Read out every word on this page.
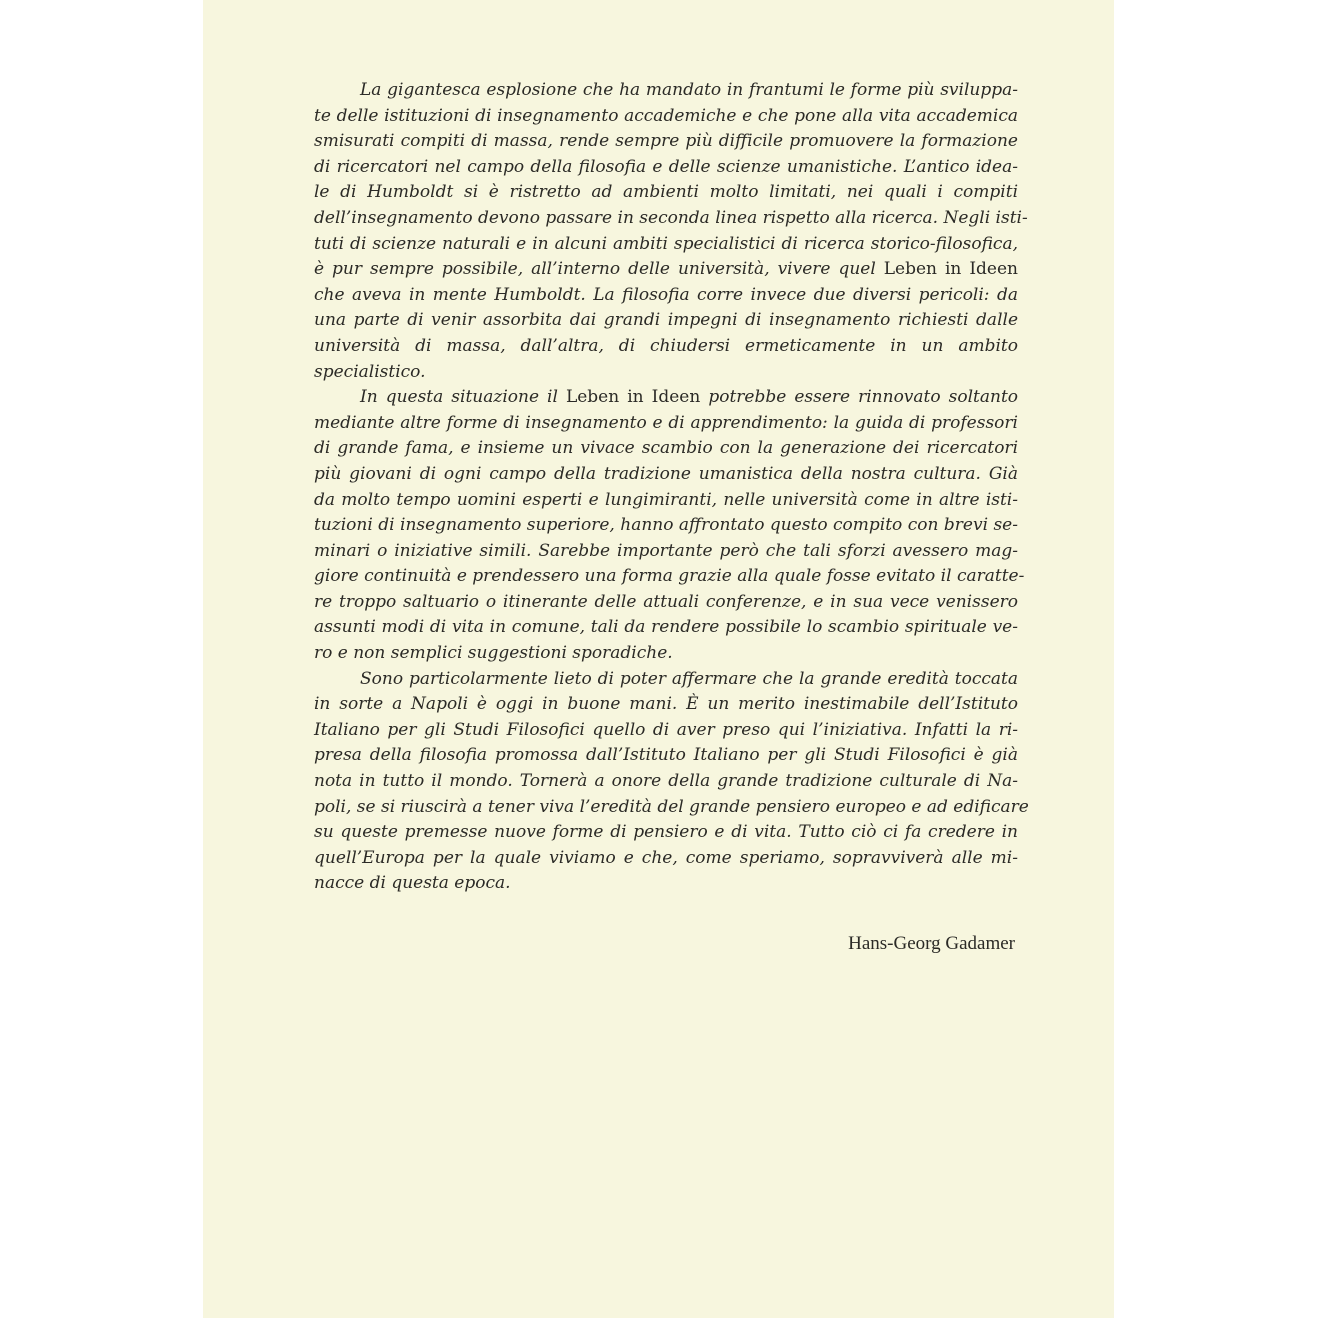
La gigantesca esplosione che ha mandato in frantumi le forme più sviluppa-
te delle istituzioni di insegnamento accademiche e che pone alla vita accademica
smisurati compiti di massa, rende sempre più difficile promuovere la formazione
di ricercatori nel campo della filosofia e delle scienze umanistiche. L’antico idea-
le di Humboldt si è ristretto ad ambienti molto limitati, nei quali i compiti
dell’insegnamento devono passare in seconda linea rispetto alla ricerca. Negli isti-
tuti di scienze naturali e in alcuni ambiti specialistici di ricerca storico-filosofica,
è pur sempre possibile, all’interno delle università, vivere quel Leben in Ideen
che aveva in mente Humboldt. La filosofia corre invece due diversi pericoli: da
una parte di venir assorbita dai grandi impegni di insegnamento richiesti dalle
università di massa, dall’altra, di chiudersi ermeticamente in un ambito
specialistico.
In questa situazione il Leben in Ideen potrebbe essere rinnovato soltanto
mediante altre forme di insegnamento e di apprendimento: la guida di professori
di grande fama, e insieme un vivace scambio con la generazione dei ricercatori
più giovani di ogni campo della tradizione umanistica della nostra cultura. Già
da molto tempo uomini esperti e lungimiranti, nelle università come in altre isti-
tuzioni di insegnamento superiore, hanno affrontato questo compito con brevi se-
minari o iniziative simili. Sarebbe importante però che tali sforzi avessero mag-
giore continuità e prendessero una forma grazie alla quale fosse evitato il caratte-
re troppo saltuario o itinerante delle attuali conferenze, e in sua vece venissero
assunti modi di vita in comune, tali da rendere possibile lo scambio spirituale ve-
ro e non semplici suggestioni sporadiche.
Sono particolarmente lieto di poter affermare che la grande eredità toccata
in sorte a Napoli è oggi in buone mani. È un merito inestimabile dell’Istituto
Italiano per gli Studi Filosofici quello di aver preso qui l’iniziativa. Infatti la ri-
presa della filosofia promossa dall’Istituto Italiano per gli Studi Filosofici è già
nota in tutto il mondo. Tornerà a onore della grande tradizione culturale di Na-
poli, se si riuscirà a tener viva l’eredità del grande pensiero europeo e ad edificare
su queste premesse nuove forme di pensiero e di vita. Tutto ciò ci fa credere in
quell’Europa per la quale viviamo e che, come speriamo, sopravviverà alle mi-
nacce di questa epoca.
Hans-Georg Gadamer
